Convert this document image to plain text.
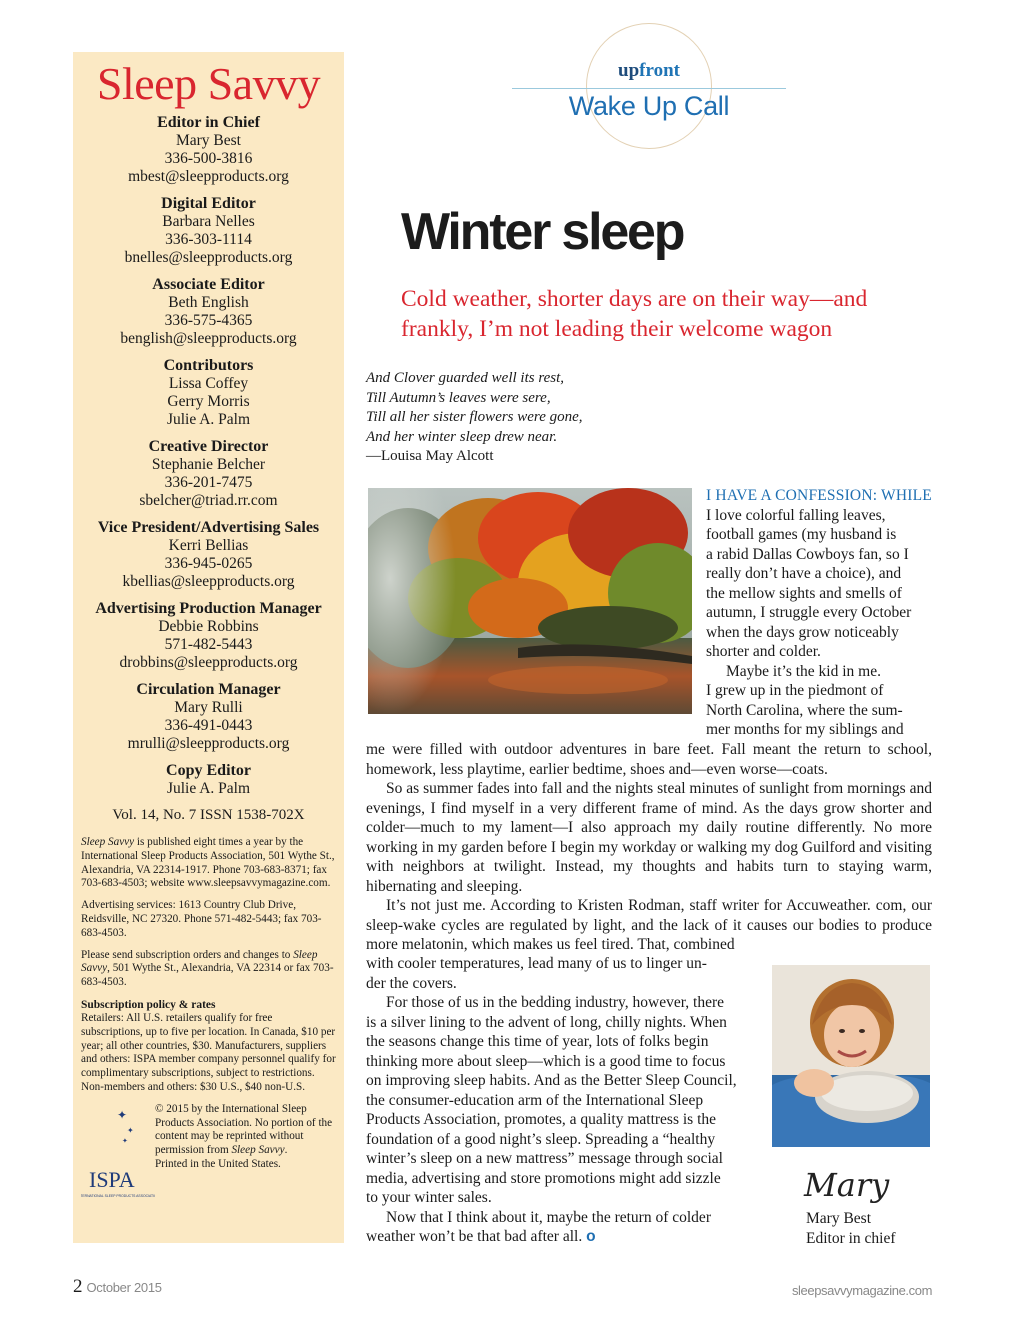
Sleep Savvy
Editor in Chief
Mary Best
336-500-3816
mbest@sleepproducts.org
Digital Editor
Barbara Nelles
336-303-1114
bnelles@sleepproducts.org
Associate Editor
Beth English
336-575-4365
benglish@sleepproducts.org
Contributors
Lissa Coffey
Gerry Morris
Julie A. Palm
Creative Director
Stephanie Belcher
336-201-7475
sbelcher@triad.rr.com
Vice President/Advertising Sales
Kerri Bellias
336-945-0265
kbellias@sleepproducts.org
Advertising Production Manager
Debbie Robbins
571-482-5443
drobbins@sleepproducts.org
Circulation Manager
Mary Rulli
336-491-0443
mrulli@sleepproducts.org
Copy Editor
Julie A. Palm
Vol. 14, No. 7 ISSN 1538-702X

Sleep Savvy is published eight times a year by the International Sleep Products Association, 501 Wythe St., Alexandria, VA 22314-1917. Phone 703-683-8371; fax 703-683-4503; website www.sleepsavvymagazine.com.

Advertising services: 1613 Country Club Drive, Reidsville, NC 27320. Phone 571-482-5443; fax 703-683-4503.

Please send subscription orders and changes to Sleep Savvy, 501 Wythe St., Alexandria, VA 22314 or fax 703-683-4503.

Subscription policy & rates

Retailers: All U.S. retailers qualify for free subscriptions, up to five per location. In Canada, $10 per year; all other countries, $30. Manufacturers, suppliers and others: ISPA member company personnel qualify for complimentary subscriptions, subject to restrictions. Non-members and others: $30 U.S., $40 non-U.S.

✦
✦
✦
ISPA
INTERNATIONAL SLEEP PRODUCTS ASSOCIATION

© 2015 by the International Sleep Products Association. No portion of the content may be reprinted without permission from Sleep Savvy.

Printed in the United States.

upfront
Wake Up Call
Winter sleep

Cold weather, shorter days are on their way—and frankly, I’m not leading their welcome wagon

And Clover guarded well its rest,
Till Autumn’s leaves were sere,
Till all her sister flowers were gone,
And her winter sleep drew near.
—Louisa May Alcott
I HAVE A CONFESSION: WHILE
I love colorful falling leaves,
football games (my husband is
a rabid Dallas Cowboys fan, so I
really don’t have a choice), and
the mellow sights and smells of
autumn, I struggle every October
when the days grow noticeably
shorter and colder.
Maybe it’s the kid in me.
I grew up in the piedmont of
North Carolina, where the sum-
mer months for my siblings and

me were filled with outdoor adventures in bare feet. Fall meant the return to school, homework, less playtime, earlier bedtime, shoes and—even worse—coats.

So as summer fades into fall and the nights steal minutes of sunlight from mornings and evenings, I find myself in a very different frame of mind. As the days grow shorter and colder—much to my lament—I also approach my daily routine differently. No more working in my garden before I begin my workday or walking my dog Guilford and visiting with neighbors at twilight. Instead, my thoughts and habits turn to staying warm, hibernating and sleeping.

It’s not just me. According to Kristen Rodman, staff writer for Accuweather. com, our sleep-wake cycles are regulated by light, and the lack of it causes our bodies to produce more melatonin, which makes us feel tired. That, combined

with cooler temperatures, lead many of us to linger un-
der the covers.
For those of us in the bedding industry, however, there
is a silver lining to the advent of long, chilly nights. When
the seasons change this time of year, lots of folks begin
thinking more about sleep—which is a good time to focus
on improving sleep habits. And as the Better Sleep Council,
the consumer-education arm of the International Sleep
Products Association, promotes, a quality mattress is the
foundation of a good night’s sleep. Spreading a “healthy
winter’s sleep on a new mattress” message through social
media, advertising and store promotions might add sizzle
to your winter sales.
Now that I think about it, maybe the return of colder
weather won’t be that bad after all. o
Mary
Mary Best
Editor in chief
2 October 2015	sleepsavvymagazine.com
